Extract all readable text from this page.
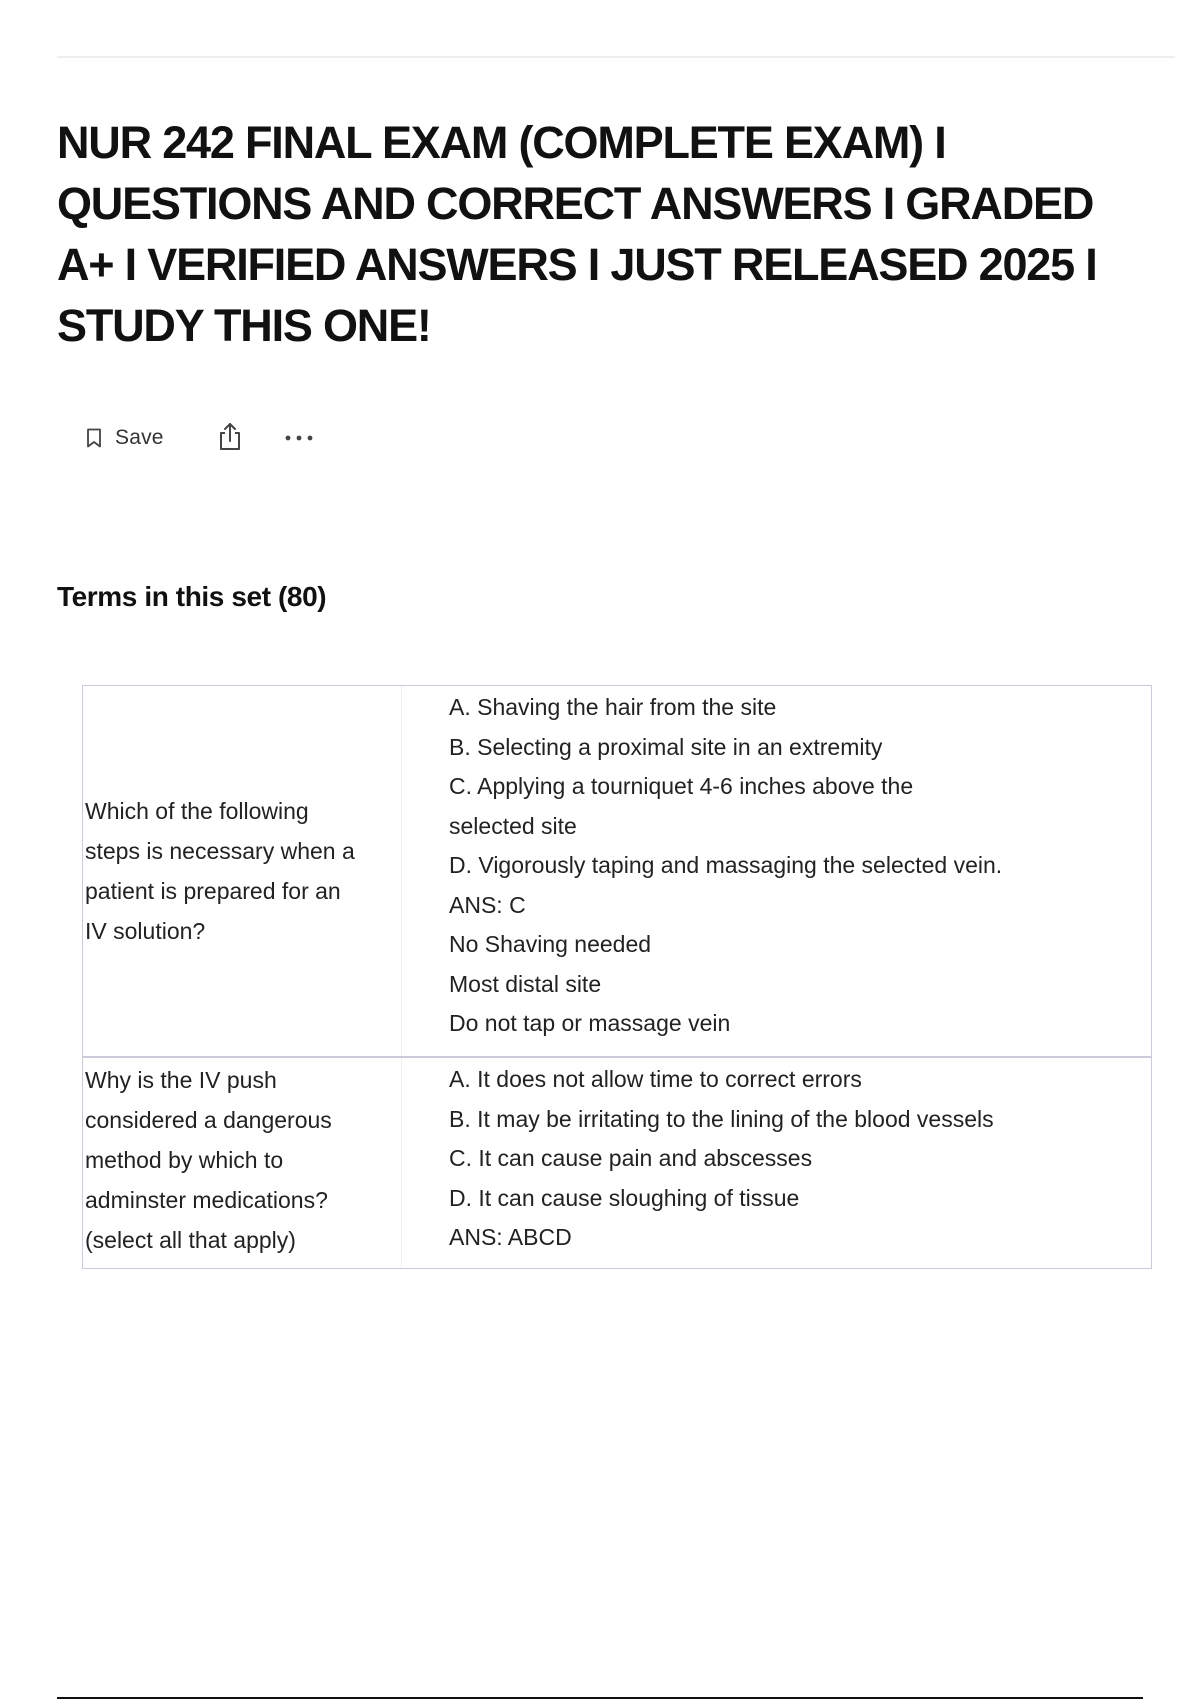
NUR 242 FINAL EXAM (COMPLETE EXAM) I
QUESTIONS AND CORRECT ANSWERS I GRADED
A+ I VERIFIED ANSWERS I JUST RELEASED 2025 I
STUDY THIS ONE!
Save
Terms in this set (80)
Which of the following
steps is necessary when a
patient is prepared for an
IV solution?
A. Shaving the hair from the site
B. Selecting a proximal site in an extremity
C. Applying a tourniquet 4-6 inches above the
selected site
D. Vigorously taping and massaging the selected vein.
ANS: C
No Shaving needed
Most distal site
Do not tap or massage vein
Why is the IV push
considered a dangerous
method by which to
adminster medications?
(select all that apply)
A. It does not allow time to correct errors
B. It may be irritating to the lining of the blood vessels
C. It can cause pain and abscesses
D. It can cause sloughing of tissue
ANS: ABCD
